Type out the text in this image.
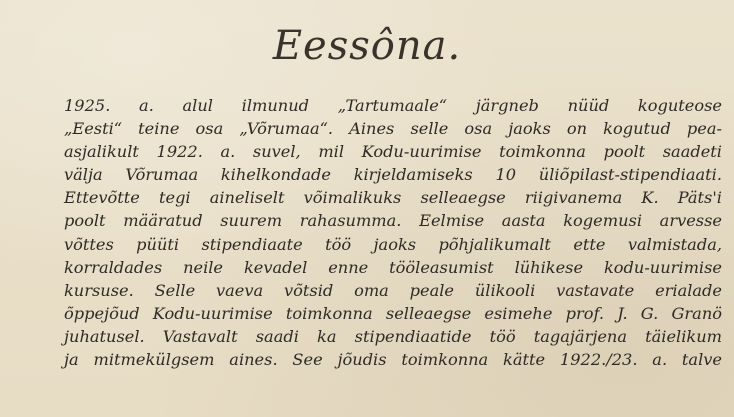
Eessôna.
1925. a. alul ilmunud „Tartumaale“ järgneb nüüd koguteose
„Eesti“ teine osa „Võrumaa“. Aines selle osa jaoks on kogutud pea-
asjalikult 1922. a. suvel, mil Kodu-uurimise toimkonna poolt saadeti
välja Võrumaa kihelkondade kirjeldamiseks 10 üliõpilast-stipendiaati.
Ettevõtte tegi aineliselt võimalikuks selleaegse riigivanema K. Päts'i
poolt määratud suurem rahasumma. Eelmise aasta kogemusi arvesse
võttes püüti stipendiaate töö jaoks põhjalikumalt ette valmistada,
korraldades neile kevadel enne tööleasumist lühikese kodu-uurimise
kursuse. Selle vaeva võtsid oma peale ülikooli vastavate erialade
õppejõud Kodu-uurimise toimkonna selleaegse esimehe prof. J. G. Granö
juhatusel. Vastavalt saadi ka stipendiaatide töö tagajärjena täielikum
ja mitmekülgsem aines. See jõudis toimkonna kätte 1922./23. a. talve
